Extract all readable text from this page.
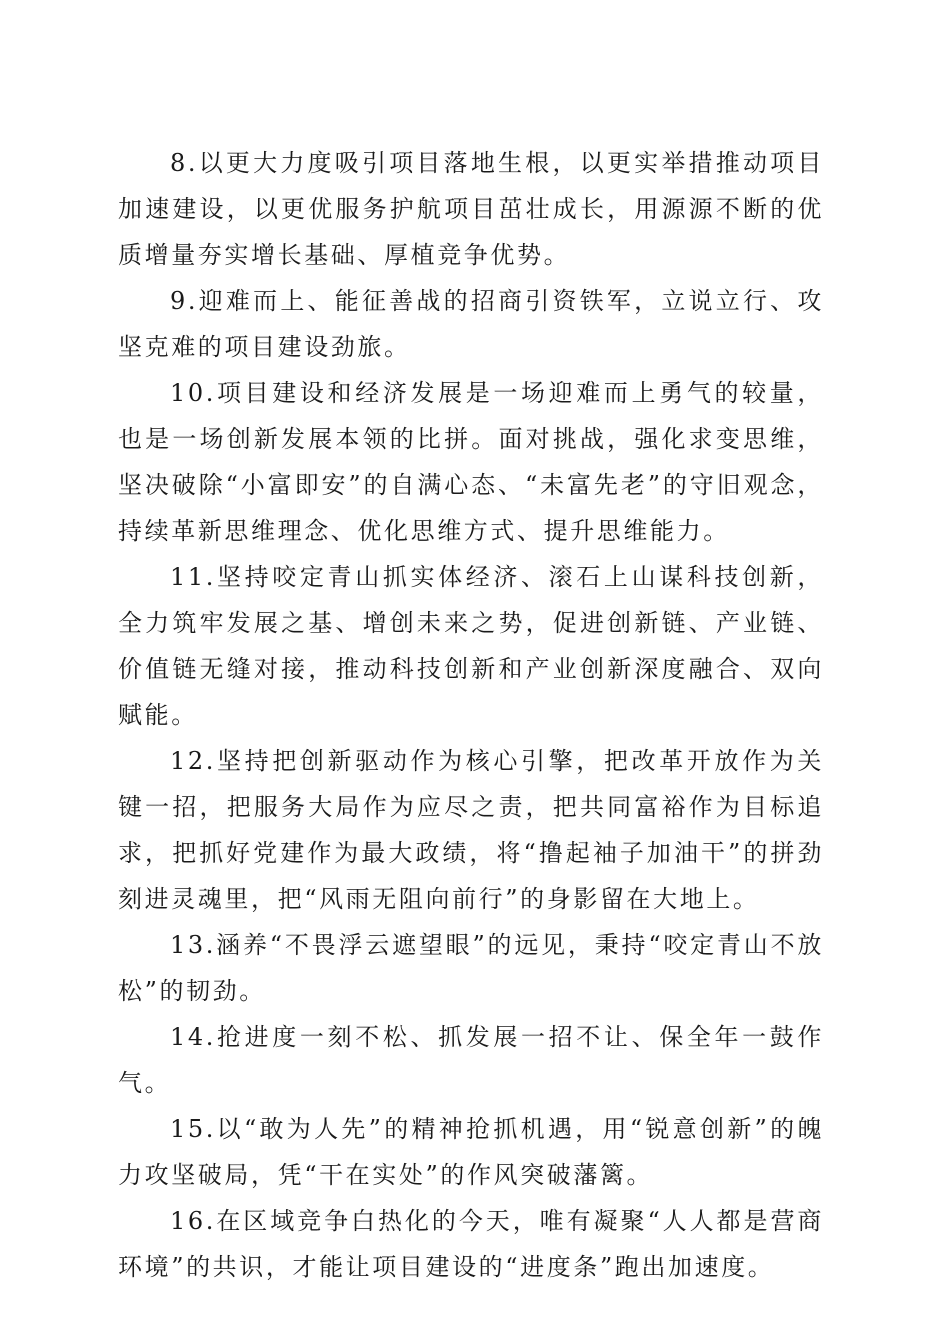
8.以更大力度吸引项目落地生根，以更实举措推动项目加速建设，以更优服务护航项目茁壮成长，用源源不断的优质增量夯实增长基础、厚植竞争优势。

9.迎难而上、能征善战的招商引资铁军，立说立行、攻坚克难的项目建设劲旅。

10.项目建设和经济发展是一场迎难而上勇气的较量，也是一场创新发展本领的比拼。面对挑战，强化求变思维，坚决破除“小富即安”的自满心态、“未富先老”的守旧观念，持续革新思维理念、优化思维方式、提升思维能力。

11.坚持咬定青山抓实体经济、滚石上山谋科技创新，全力筑牢发展之基、增创未来之势，促进创新链、产业链、价值链无缝对接，推动科技创新和产业创新深度融合、双向赋能。

12.坚持把创新驱动作为核心引擎，把改革开放作为关键一招，把服务大局作为应尽之责，把共同富裕作为目标追求，把抓好党建作为最大政绩，将“撸起袖子加油干”的拼劲刻进灵魂里，把“风雨无阻向前行”的身影留在大地上。

13.涵养“不畏浮云遮望眼”的远见，秉持“咬定青山不放松”的韧劲。

14.抢进度一刻不松、抓发展一招不让、保全年一鼓作气。

15.以“敢为人先”的精神抢抓机遇，用“锐意创新”的魄力攻坚破局，凭“干在实处”的作风突破藩篱。

16.在区域竞争白热化的今天，唯有凝聚“人人都是营商环境”的共识，才能让项目建设的“进度条”跑出加速度。
